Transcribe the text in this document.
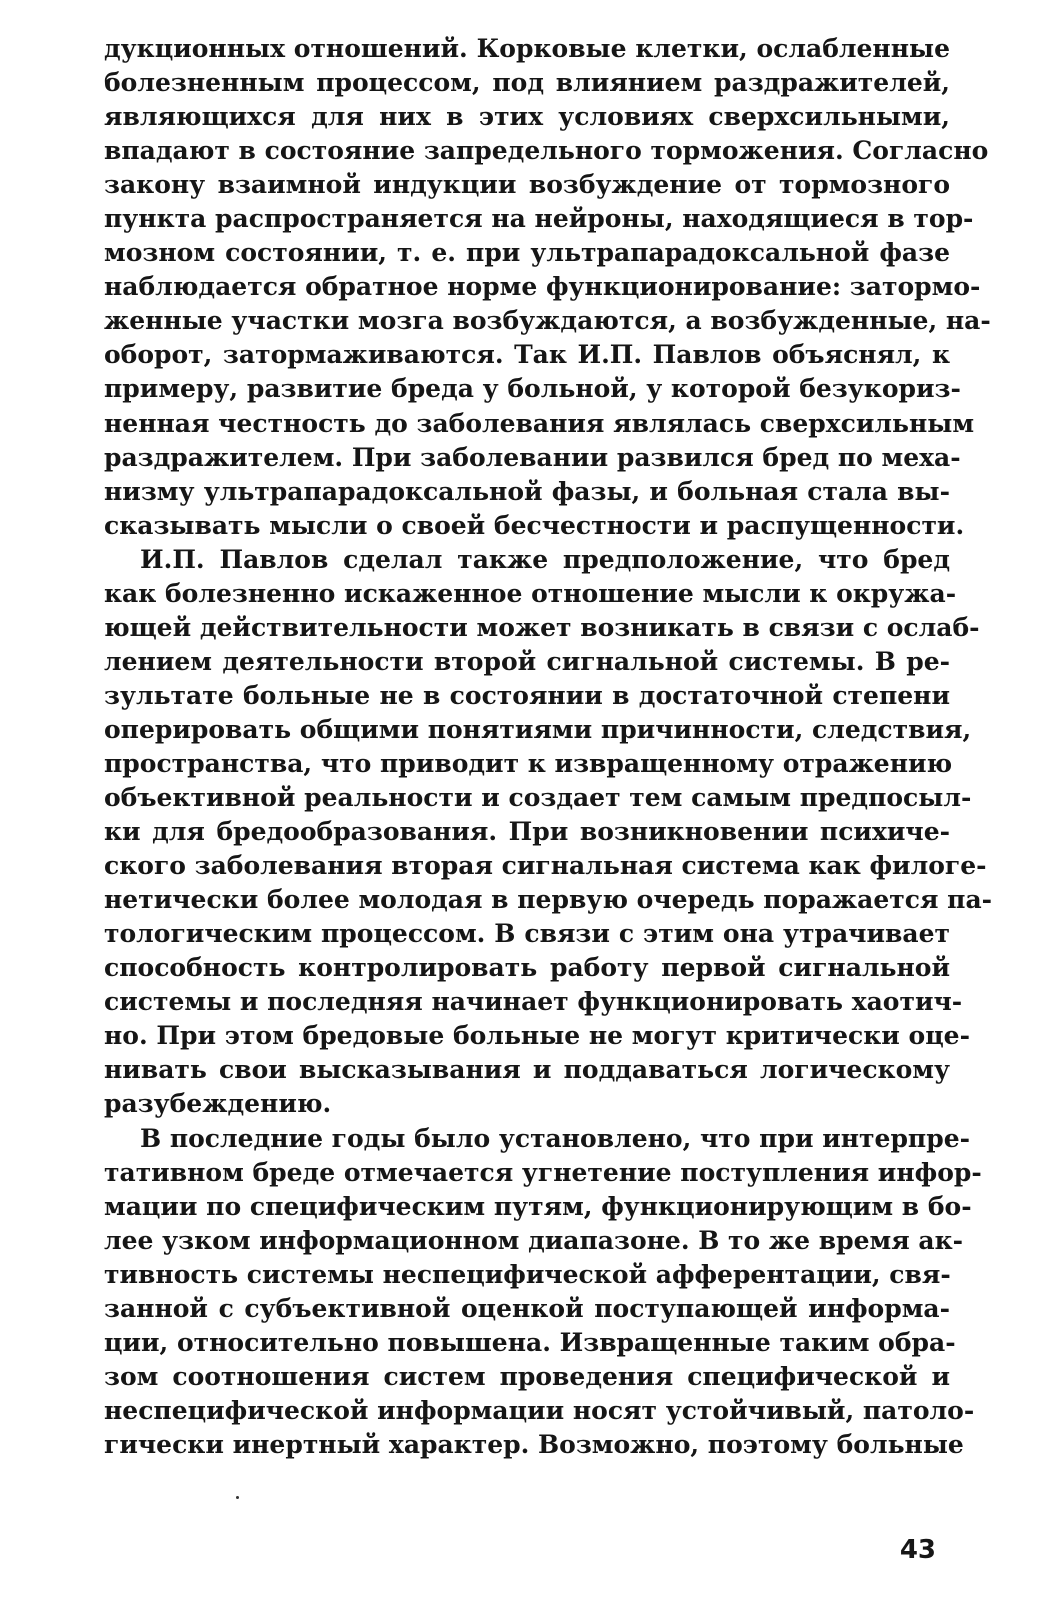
дукционных отношений. Корковые клетки, ослабленные
болезненным процессом, под влиянием раздражителей,
являющихся для них в этих условиях сверхсильными,
впадают в состояние запредельного торможения. Согласно
закону взаимной индукции возбуждение от тормозного
пункта распространяется на нейроны, находящиеся в тор-
мозном состоянии, т. е. при ультрапарадоксальной фазе
наблюдается обратное норме функционирование: затормо-
женные участки мозга возбуждаются, а возбужденные, на-
оборот, затормаживаются. Так И.П. Павлов объяснял, к
примеру, развитие бреда у больной, у которой безукориз-
ненная честность до заболевания являлась сверхсильным
раздражителем. При заболевании развился бред по меха-
низму ультрапарадоксальной фазы, и больная стала вы-
сказывать мысли о своей бесчестности и распущенности.

И.П. Павлов сделал также предположение, что бред
как болезненно искаженное отношение мысли к окружа-
ющей действительности может возникать в связи с ослаб-
лением деятельности второй сигнальной системы. В ре-
зультате больные не в состоянии в достаточной степени
оперировать общими понятиями причинности, следствия,
пространства, что приводит к извращенному отражению
объективной реальности и создает тем самым предпосыл-
ки для бредообразования. При возникновении психиче-
ского заболевания вторая сигнальная система как филоге-
нетически более молодая в первую очередь поражается па-
тологическим процессом. В связи с этим она утрачивает
способность контролировать работу первой сигнальной
системы и последняя начинает функционировать хаотич-
но. При этом бредовые больные не могут критически оце-
нивать свои высказывания и поддаваться логическому
разубеждению.

В последние годы было установлено, что при интерпре-
тативном бреде отмечается угнетение поступления инфор-
мации по специфическим путям, функционирующим в бо-
лее узком информационном диапазоне. В то же время ак-
тивность системы неспецифической афферентации, свя-
занной с субъективной оценкой поступающей информа-
ции, относительно повышена. Извращенные таким обра-
зом соотношения систем проведения специфической и
неспецифической информации носят устойчивый, патоло-
гически инертный характер. Возможно, поэтому больные

43
